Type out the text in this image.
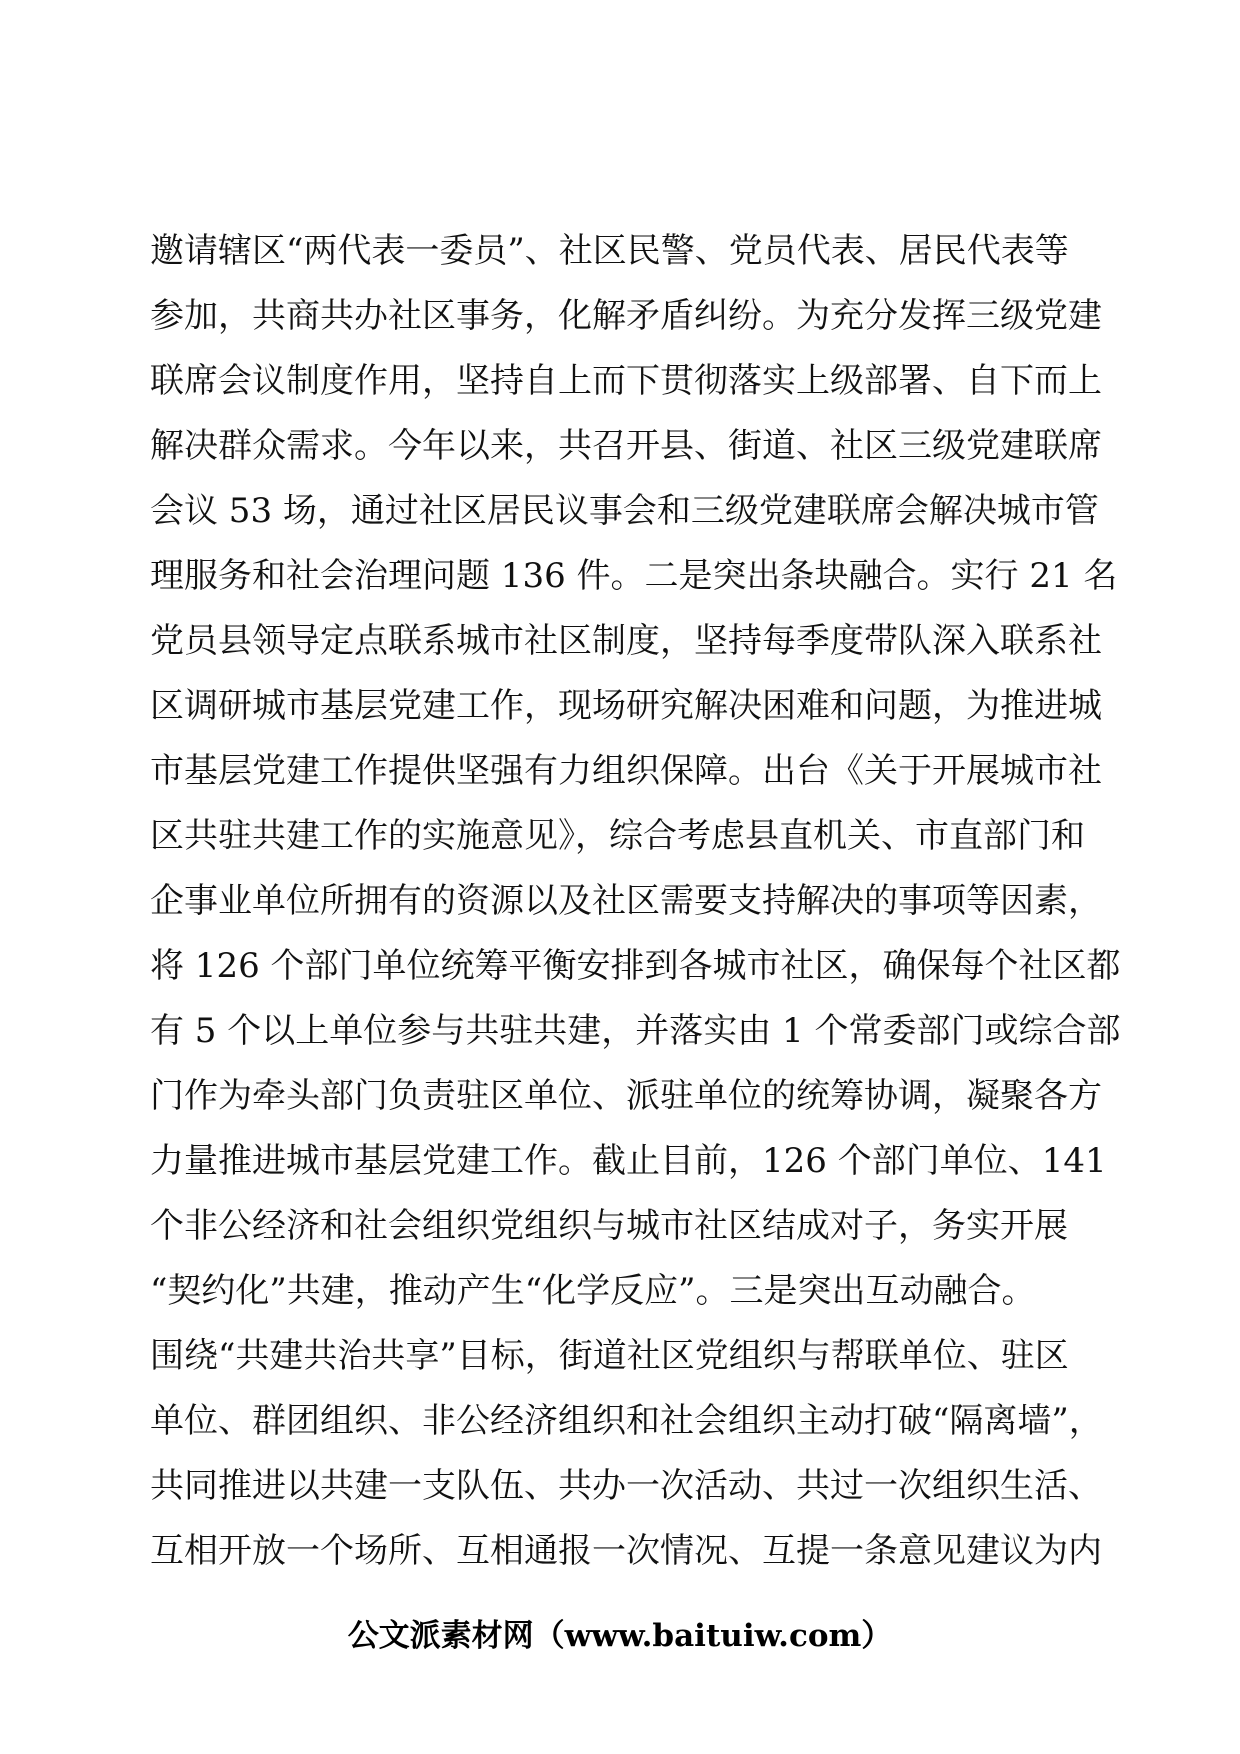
邀请辖区“两代表一委员”、社区民警、党员代表、居民代表等
参加，共商共办社区事务，化解矛盾纠纷。为充分发挥三级党建
联席会议制度作用，坚持自上而下贯彻落实上级部署、自下而上
解决群众需求。今年以来，共召开县、街道、社区三级党建联席
会议 53 场，通过社区居民议事会和三级党建联席会解决城市管
理服务和社会治理问题 136 件。二是突出条块融合。实行 21 名
党员县领导定点联系城市社区制度，坚持每季度带队深入联系社
区调研城市基层党建工作，现场研究解决困难和问题，为推进城
市基层党建工作提供坚强有力组织保障。出台《关于开展城市社
区共驻共建工作的实施意见》，综合考虑县直机关、市直部门和
企事业单位所拥有的资源以及社区需要支持解决的事项等因素，
将 126 个部门单位统筹平衡安排到各城市社区，确保每个社区都
有 5 个以上单位参与共驻共建，并落实由 1 个常委部门或综合部
门作为牵头部门负责驻区单位、派驻单位的统筹协调，凝聚各方
力量推进城市基层党建工作。截止目前，126 个部门单位、141
个非公经济和社会组织党组织与城市社区结成对子，务实开展
“契约化”共建，推动产生“化学反应”。三是突出互动融合。
围绕“共建共治共享”目标，街道社区党组织与帮联单位、驻区
单位、群团组织、非公经济组织和社会组织主动打破“隔离墙”，
共同推进以共建一支队伍、共办一次活动、共过一次组织生活、
互相开放一个场所、互相通报一次情况、互提一条意见建议为内
公文派素材网（www.baituiw.com）
